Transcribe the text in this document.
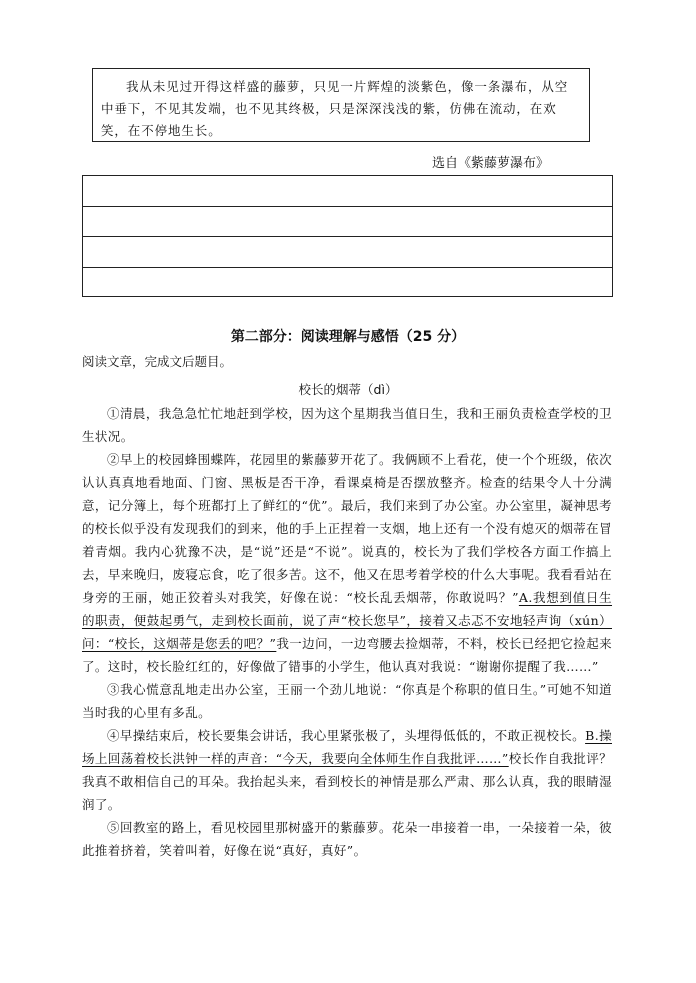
我从未见过开得这样盛的藤萝，只见一片辉煌的淡紫色，像一条瀑布，从空中垂下，不见其发端，也不见其终极，只是深深浅浅的紫，仿佛在流动，在欢笑，在不停地生长。
选自《紫藤萝瀑布》
第二部分：阅读理解与感悟（25 分）
阅读文章，完成文后题目。
校长的烟蒂（dì）

①清晨，我急急忙忙地赶到学校，因为这个星期我当值日生，我和王丽负责检查学校的卫生状况。

②早上的校园蜂围蝶阵，花园里的紫藤萝开花了。我俩顾不上看花，使一个个班级，依次认认真真地看地面、门窗、黑板是否干净，看课桌椅是否摆放整齐。检查的结果令人十分满意，记分簿上，每个班都打上了鲜红的“优”。最后，我们来到了办公室。办公室里，凝神思考的校长似乎没有发现我们的到来，他的手上正捏着一支烟，地上还有一个没有熄灭的烟蒂在冒着青烟。我内心犹豫不决，是“说”还是“不说”。说真的，校长为了我们学校各方面工作搞上去，早来晚归，废寝忘食，吃了很多苦。这不，他又在思考着学校的什么大事呢。我看看站在身旁的王丽，她正狡着头对我笑，好像在说：“校长乱丢烟蒂，你敢说吗？”A.我想到值日生的职责，便鼓起勇气，走到校长面前，说了声“校长您早”，接着又忐忑不安地轻声询（xún）问：“校长，这烟蒂是您丢的吧？”我一边问，一边弯腰去捡烟蒂，不料，校长已经把它捡起来了。这时，校长脸红红的，好像做了错事的小学生，他认真对我说：“谢谢你提醒了我……”

③我心慌意乱地走出办公室，王丽一个劲儿地说：“你真是个称职的值日生。”可她不知道当时我的心里有多乱。

④早操结束后，校长要集会讲话，我心里紧张极了，头埋得低低的，不敢正视校长。B.操场上回荡着校长洪钟一样的声音：“今天，我要向全体师生作自我批评……”校长作自我批评？我真不敢相信自己的耳朵。我抬起头来，看到校长的神情是那么严肃、那么认真，我的眼睛湿润了。

⑤回教室的路上，看见校园里那树盛开的紫藤萝。花朵一串接着一串，一朵接着一朵，彼此推着挤着，笑着叫着，好像在说“真好，真好”。
